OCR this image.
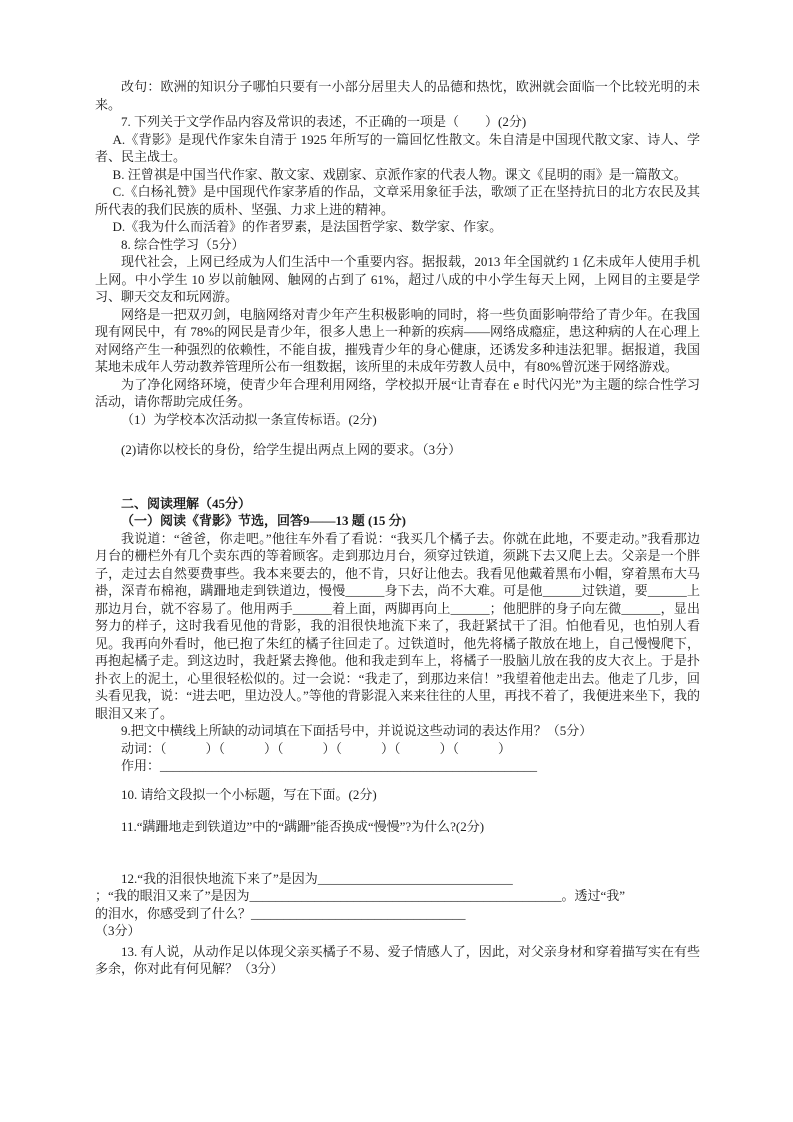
改句：欧洲的知识分子哪怕只要有一小部分居里夫人的品德和热忱，欧洲就会面临一个比较光明的未来。

7. 下列关于文学作品内容及常识的表述，不正确的一项是（　　）(2分)

A.《背影》是现代作家朱自清于 1925 年所写的一篇回忆性散文。朱自清是中国现代散文家、诗人、学者、民主战士。

B. 汪曾祺是中国当代作家、散文家、戏剧家、京派作家的代表人物。课文《昆明的雨》是一篇散文。

C.《白杨礼赞》是中国现代作家茅盾的作品，文章采用象征手法，歌颂了正在坚持抗日的北方农民及其所代表的我们民族的质朴、坚强、力求上进的精神。

D.《我为什么而活着》的作者罗素，是法国哲学家、数学家、作家。

8. 综合性学习（5分）

现代社会，上网已经成为人们生活中一个重要内容。据报载，2013 年全国就约 1 亿未成年人使用手机上网。中小学生 10 岁以前触网、触网的占到了 61%，超过八成的中小学生每天上网，上网目的主要是学习、聊天交友和玩网游。

网络是一把双刃剑，电脑网络对青少年产生积极影响的同时，将一些负面影响带给了青少年。在我国现有网民中，有 78%的网民是青少年，很多人患上一种新的疾病——网络成瘾症，患这种病的人在心理上对网络产生一种强烈的依赖性，不能自拔，摧残青少年的身心健康，还诱发多种违法犯罪。据报道，我国某地未成年人劳动教养管理所公布一组数据，该所里的未成年劳教人员中，有80%曾沉迷于网络游戏。

为了净化网络环境，使青少年合理利用网络，学校拟开展“让青春在 e 时代闪光”为主题的综合性学习活动，请你帮助完成任务。

（1）为学校本次活动拟一条宣传标语。(2分)

(2)请你以校长的身份，给学生提出两点上网的要求。（3分）

二、阅读理解（45分）

（一）阅读《背影》节选，回答9——13 题 (15 分)

我说道：“爸爸，你走吧。”他往车外看了看说：“我买几个橘子去。你就在此地，不要走动。”我看那边月台的栅栏外有几个卖东西的等着顾客。走到那边月台，须穿过铁道，须跳下去又爬上去。父亲是一个胖子，走过去自然要费事些。我本来要去的，他不肯，只好让他去。我看见他戴着黑布小帽，穿着黑布大马褂，深青布棉袍，蹒跚地走到铁道边，慢慢______身下去，尚不大难。可是他______过铁道，要______上那边月台，就不容易了。他用两手______着上面，两脚再向上______；他肥胖的身子向左微______，显出努力的样子，这时我看见他的背影，我的泪很快地流下来了，我赶紧拭干了泪。怕他看见，也怕别人看见。我再向外看时，他已抱了朱红的橘子往回走了。过铁道时，他先将橘子散放在地上，自己慢慢爬下，再抱起橘子走。到这边时，我赶紧去搀他。他和我走到车上，将橘子一股脑儿放在我的皮大衣上。于是扑扑衣上的泥土，心里很轻松似的。过一会说：“我走了，到那边来信！”我望着他走出去。他走了几步，回头看见我，说：“进去吧，里边没人。”等他的背影混入来来往往的人里，再找不着了，我便进来坐下，我的眼泪又来了。

9.把文中横线上所缺的动词填在下面括号中，并说说这些动词的表达作用？（5分）

动词：（　　　）（　　　）（　　　）（　　　）（　　　）（　　　）

作用：__________________________________________________________

10. 请给文段拟一个小标题，写在下面。(2分)

11.“蹒跚地走到铁道边”中的“蹒跚”能否换成“慢慢”?为什么?(2分)

12.“我的泪很快地流下来了”是因为______________________________

；“我的眼泪又来了”是因为________________________________________________。透过“我”

的泪水，你感受到了什么？_________________________________

（3分）

13. 有人说，从动作足以体现父亲买橘子不易、爱子情感人了，因此，对父亲身材和穿着描写实在有些多余，你对此有何见解？（3分）
